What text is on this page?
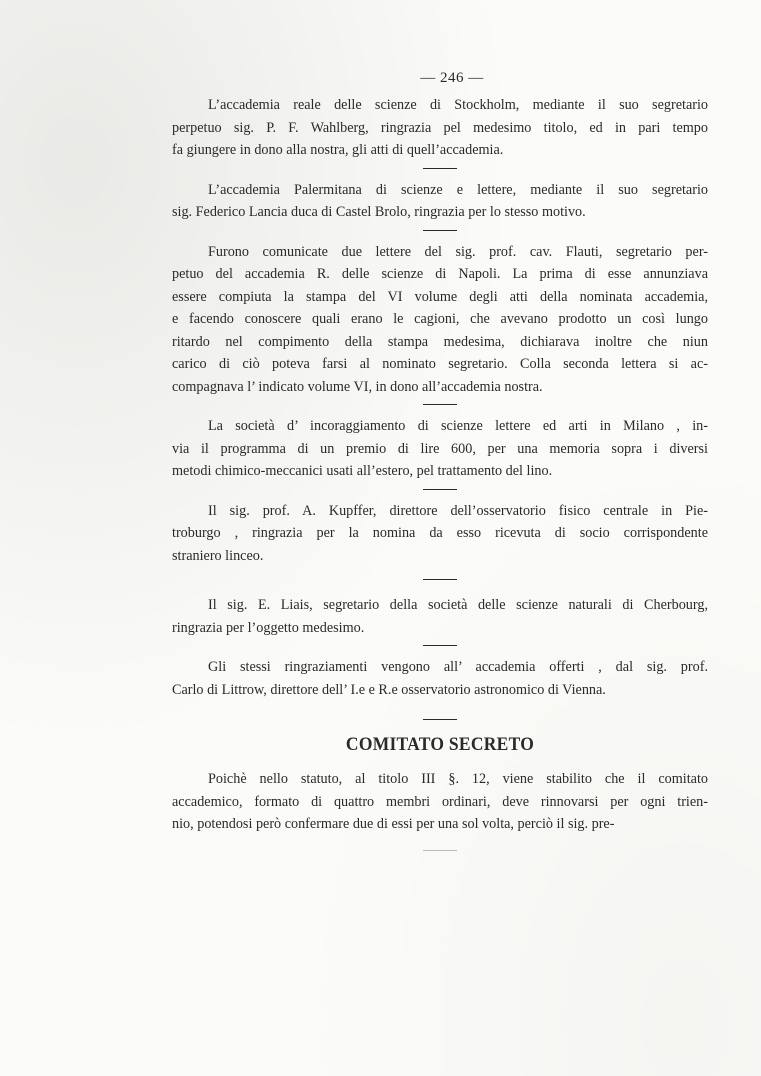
— 246 —

L’accademia reale delle scienze di Stockholm, mediante il suo segretario
perpetuo sig. P. F. Wahlberg, ringrazia pel medesimo titolo, ed in pari tempo
fa giungere in dono alla nostra, gli atti di quell’accademia.

L’accademia Palermitana di scienze e lettere, mediante il suo segretario
sig. Federico Lancia duca di Castel Brolo, ringrazia per lo stesso motivo.

Furono comunicate due lettere del sig. prof. cav. Flauti, segretario per-
petuo del accademia R. delle scienze di Napoli. La prima di esse annunziava
essere compiuta la stampa del VI volume degli atti della nominata accademia,
e facendo conoscere quali erano le cagioni, che avevano prodotto un così lungo
ritardo nel compimento della stampa medesima, dichiarava inoltre che niun
carico di ciò poteva farsi al nominato segretario. Colla seconda lettera si ac-
compagnava l’ indicato volume VI, in dono all’accademia nostra.

La società d’ incoraggiamento di scienze lettere ed arti in Milano , in-
via il programma di un premio di lire 600, per una memoria sopra i diversi
metodi chimico-meccanici usati all’estero, pel trattamento del lino.

Il sig. prof. A. Kupffer, direttore dell’osservatorio fisico centrale in Pie-
troburgo , ringrazia per la nomina da esso ricevuta di socio corrispondente
straniero linceo.

Il sig. E. Liais, segretario della società delle scienze naturali di Cherbourg,
ringrazia per l’oggetto medesimo.

Gli stessi ringraziamenti vengono all’ accademia offerti , dal sig. prof.
Carlo di Littrow, direttore dell’ I.e e R.e osservatorio astronomico di Vienna.

COMITATO SECRETO

Poichè nello statuto, al titolo III §. 12, viene stabilito che il comitato
accademico, formato di quattro membri ordinari, deve rinnovarsi per ogni trien-
nio, potendosi però confermare due di essi per una sol volta, perciò il sig. pre-
